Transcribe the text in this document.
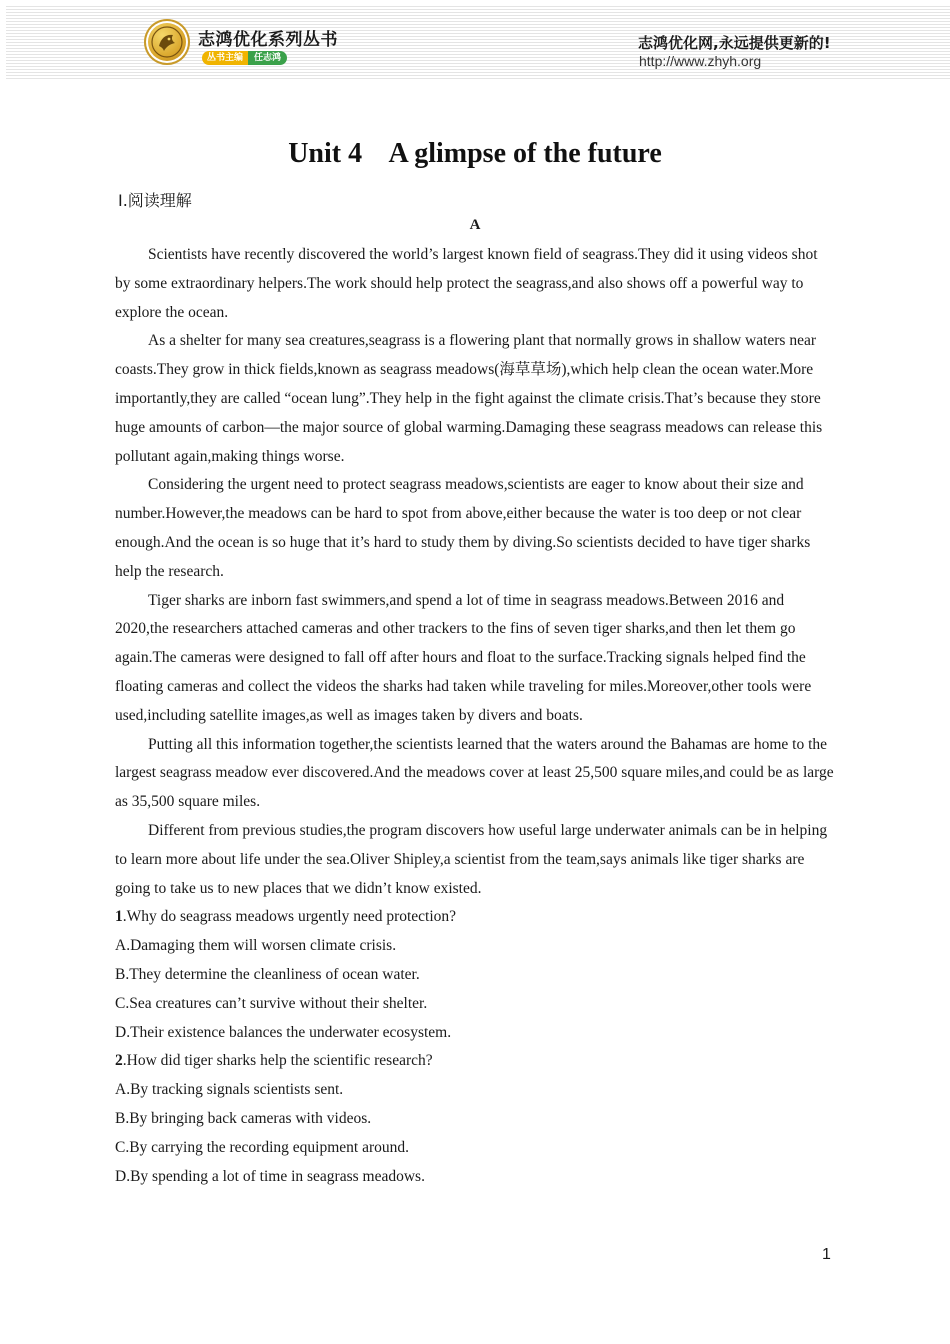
志鸿优化系列丛书
丛书主编	任志鸿
志鸿优化网,永远提供更新的!
http://www.zhyh.org
Unit 4    A glimpse of the future
Ⅰ.阅读理解
A

Scientists have recently discovered the world’s largest known field of seagrass.They did it using videos shot by some extraordinary helpers.The work should help protect the seagrass,and also shows off a powerful way to explore the ocean.

As a shelter for many sea creatures,seagrass is a flowering plant that normally grows in shallow waters near coasts.They grow in thick fields,known as seagrass meadows(海草草场),which help clean the ocean water.More importantly,they are called “ocean lung”.They help in the fight against the climate crisis.That’s because they store huge amounts of carbon—the major source of global warming.Damaging these seagrass meadows can release this pollutant again,making things worse.

Considering the urgent need to protect seagrass meadows,scientists are eager to know about their size and number.However,the meadows can be hard to spot from above,either because the water is too deep or not clear enough.And the ocean is so huge that it’s hard to study them by diving.So scientists decided to have tiger sharks help the research.

Tiger sharks are inborn fast swimmers,and spend a lot of time in seagrass meadows.Between 2016 and 2020,the researchers attached cameras and other trackers to the fins of seven tiger sharks,and then let them go again.The cameras were designed to fall off after hours and float to the surface.Tracking signals helped find the floating cameras and collect the videos the sharks had taken while traveling for miles.Moreover,other tools were used,including satellite images,as well as images taken by divers and boats.

Putting all this information together,the scientists learned that the waters around the Bahamas are home to the largest seagrass meadow ever discovered.And the meadows cover at least 25,500 square miles,and could be as large as 35,500 square miles.

Different from previous studies,the program discovers how useful large underwater animals can be in helping to learn more about life under the sea.Oliver Shipley,a scientist from the team,says animals like tiger sharks are going to take us to new places that we didn’t know existed.

1.Why do seagrass meadows urgently need protection?
A.Damaging them will worsen climate crisis.
B.They determine the cleanliness of ocean water.
C.Sea creatures can’t survive without their shelter.
D.Their existence balances the underwater ecosystem.
2.How did tiger sharks help the scientific research?
A.By tracking signals scientists sent.
B.By bringing back cameras with videos.
C.By carrying the recording equipment around.
D.By spending a lot of time in seagrass meadows.
1
